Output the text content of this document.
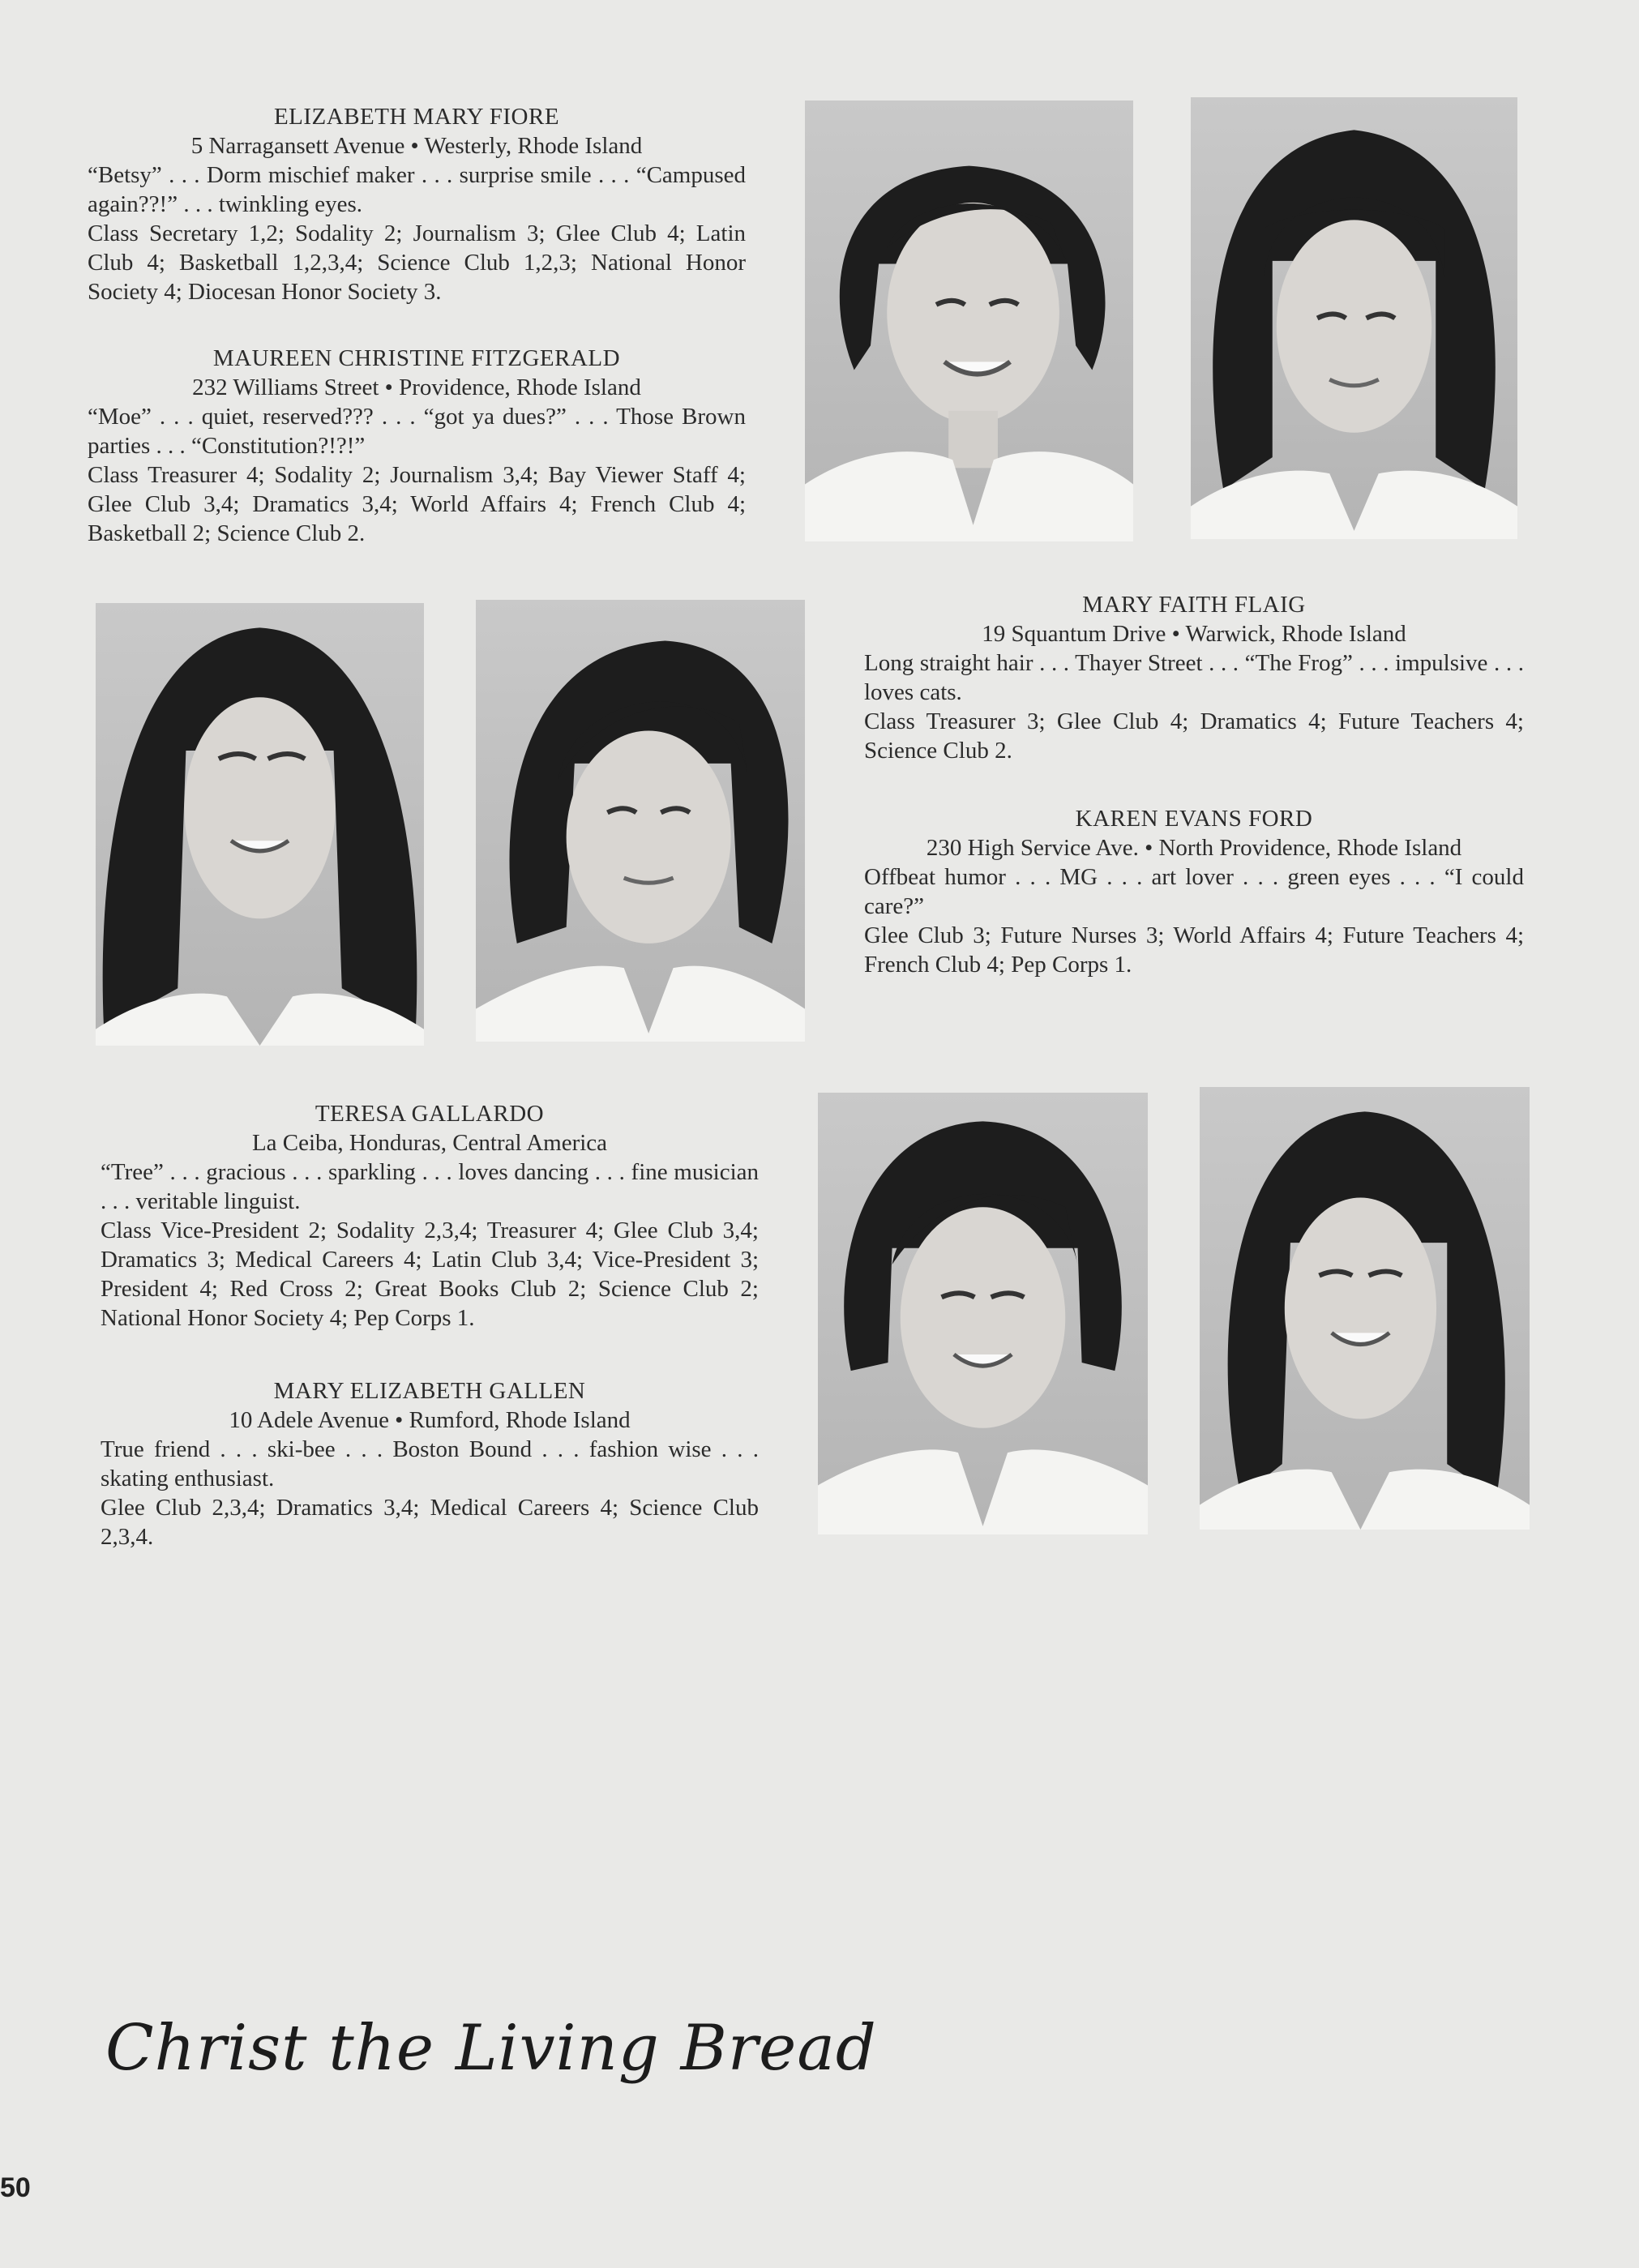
ELIZABETH MARY FIORE
5 Narragansett Avenue • Westerly, Rhode Island
“Betsy” . . . Dorm mischief maker . . . surprise smile . . . “Campused again??!” . . . twinkling eyes.
Class Secretary 1,2; Sodality 2; Journalism 3; Glee Club 4; Latin Club 4; Basketball 1,2,3,4; Science Club 1,2,3; National Honor Society 4; Diocesan Honor Society 3.
MAUREEN CHRISTINE FITZGERALD
232 Williams Street • Providence, Rhode Island
“Moe” . . . quiet, reserved??? . . . “got ya dues?” . . . Those Brown parties . . . “Constitution?!?!”
Class Treasurer 4; Sodality 2; Journalism 3,4; Bay Viewer Staff 4; Glee Club 3,4; Dramatics 3,4; World Affairs 4; French Club 4; Basketball 2; Science Club 2.
MARY FAITH FLAIG
19 Squantum Drive • Warwick, Rhode Island
Long straight hair . . . Thayer Street . . . “The Frog” . . . impulsive . . . loves cats.
Class Treasurer 3; Glee Club 4; Dramatics 4; Future Teachers 4; Science Club 2.
KAREN EVANS FORD
230 High Service Ave. • North Providence, Rhode Island
Offbeat humor . . . MG . . . art lover . . . green eyes . . . “I could care?”
Glee Club 3; Future Nurses 3; World Affairs 4; Future Teachers 4; French Club 4; Pep Corps 1.
TERESA GALLARDO
La Ceiba, Honduras, Central America
“Tree” . . . gracious . . . sparkling . . . loves dancing . . . fine musician . . . veritable linguist.
Class Vice-President 2; Sodality 2,3,4; Treasurer 4; Glee Club 3,4; Dramatics 3; Medical Careers 4; Latin Club 3,4; Vice-President 3; President 4; Red Cross 2; Great Books Club 2; Science Club 2; National Honor Society 4; Pep Corps 1.
MARY ELIZABETH GALLEN
10 Adele Avenue • Rumford, Rhode Island
True friend . . . ski-bee . . . Boston Bound . . . fashion wise . . . skating enthusiast.
Glee Club 2,3,4; Dramatics 3,4; Medical Careers 4; Science Club 2,3,4.
Christ the Living Bread
50
